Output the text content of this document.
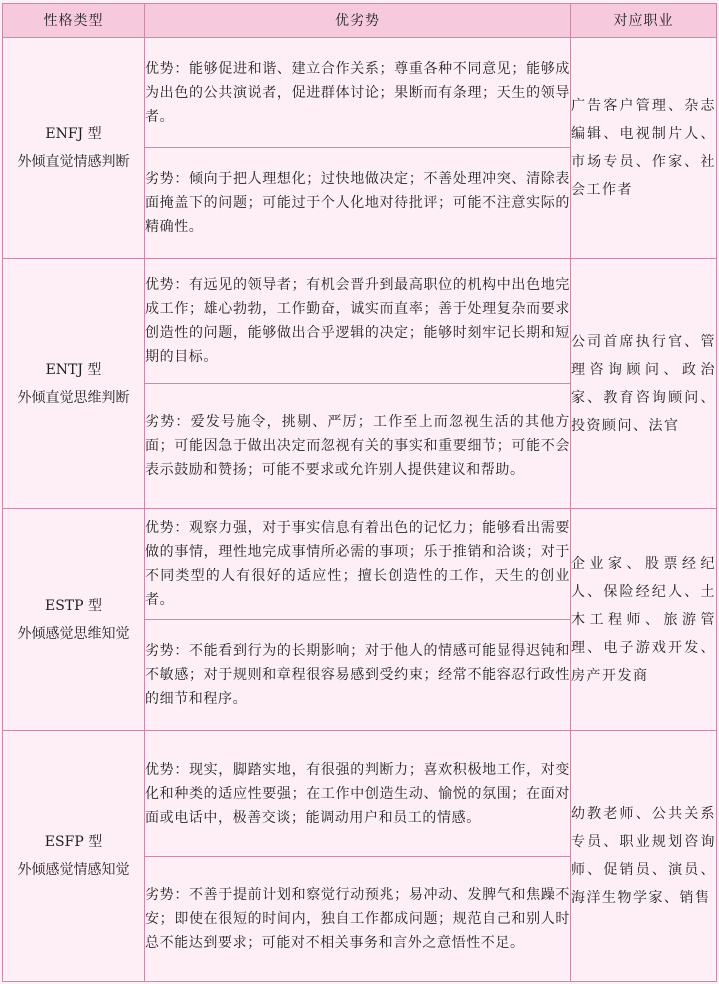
性格类型	优劣势	对应职业

ENFJ 型
外倾直觉情感判断	优势：能够促进和谐、建立合作关系；尊重各种不同意见；能够成为出色的公共演说者，促进群体讨论；果断而有条理；天生的领导者。	广告客户管理、杂志编辑、电视制片人、市场专员、作家、社会工作者
	劣势：倾向于把人理想化；过快地做决定；不善处理冲突、清除表面掩盖下的问题；可能过于个人化地对待批评；可能不注意实际的精确性。	

ENTJ 型
外倾直觉思维判断	优势：有远见的领导者；有机会晋升到最高职位的机构中出色地完成工作；雄心勃勃，工作勤奋，诚实而直率；善于处理复杂而要求创造性的问题，能够做出合乎逻辑的决定；能够时刻牢记长期和短期的目标。	公司首席执行官、管理咨询顾问、政治家、教育咨询顾问、投资顾问、法官
	劣势：爱发号施令，挑剔、严厉；工作至上而忽视生活的其他方面；可能因急于做出决定而忽视有关的事实和重要细节；可能不会表示鼓励和赞扬；可能不要求或允许别人提供建议和帮助。	

ESTP 型
外倾感觉思维知觉	优势：观察力强，对于事实信息有着出色的记忆力；能够看出需要做的事情，理性地完成事情所必需的事项；乐于推销和洽谈；对于不同类型的人有很好的适应性；擅长创造性的工作，天生的创业者。	企业家、股票经纪人、保险经纪人、土木工程师、旅游管理、电子游戏开发、房产开发商
	劣势：不能看到行为的长期影响；对于他人的情感可能显得迟钝和不敏感；对于规则和章程很容易感到受约束；经常不能容忍行政性的细节和程序。	

ESFP 型
外倾感觉情感知觉	优势：现实，脚踏实地，有很强的判断力；喜欢积极地工作，对变化和种类的适应性要强；在工作中创造生动、愉悦的氛围；在面对面或电话中，极善交谈；能调动用户和员工的情感。	幼教老师、公共关系专员、职业规划咨询师、促销员、演员、海洋生物学家、销售
	劣势：不善于提前计划和察觉行动预兆；易冲动、发脾气和焦躁不安；即使在很短的时间内，独自工作都成问题；规范自己和别人时总不能达到要求；可能对不相关事务和言外之意悟性不足。	
